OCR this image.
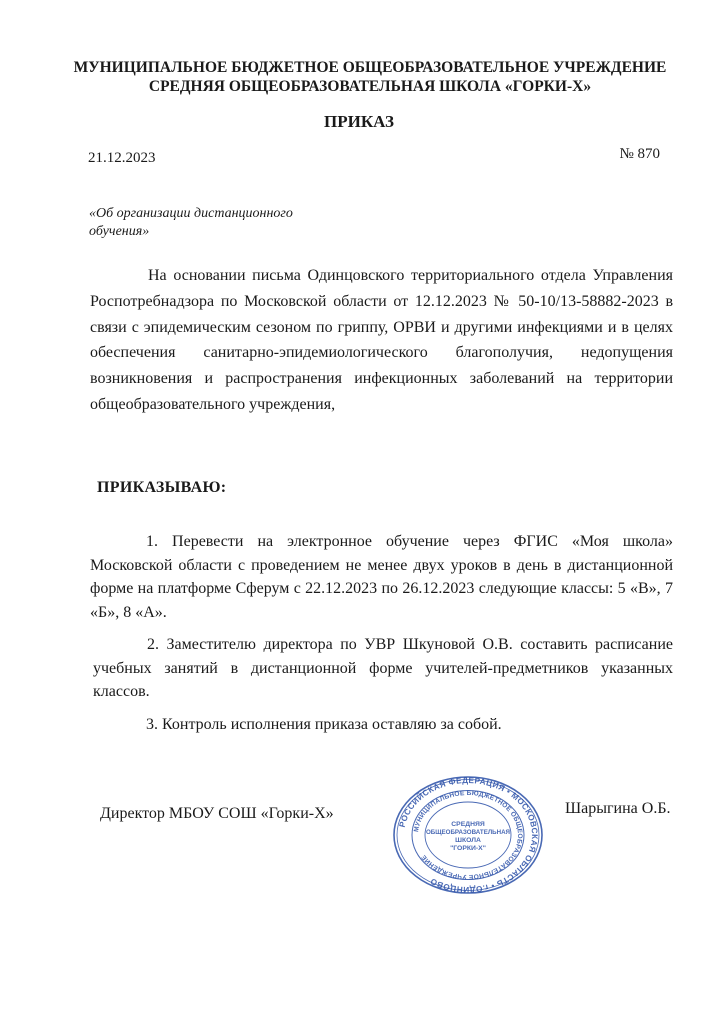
МУНИЦИПАЛЬНОЕ БЮДЖЕТНОЕ ОБЩЕОБРАЗОВАТЕЛЬНОЕ УЧРЕЖДЕНИЕ
СРЕДНЯЯ ОБЩЕОБРАЗОВАТЕЛЬНАЯ ШКОЛА «ГОРКИ-Х»
ПРИКАЗ
21.12.2023	№ 870
«Об организации дистанционного
обучения»
На основании письма Одинцовского территориального отдела Управления Роспотребнадзора по Московской области от 12.12.2023 № 50-10/13-58882-2023 в связи с эпидемическим сезоном по гриппу, ОРВИ и другими инфекциями и в целях обеспечения санитарно-эпидемиологического благополучия, недопущения возникновения и распространения инфекционных заболеваний на территории общеобразовательного учреждения,
ПРИКАЗЫВАЮ:
1. Перевести на электронное обучение через ФГИС «Моя школа» Московской области с проведением не менее двух уроков в день в дистанционной форме на платформе Сферум с 22.12.2023 по 26.12.2023 следующие классы: 5 «В», 7 «Б», 8 «А».
2. Заместителю директора по УВР Шкуновой О.В. составить расписание учебных занятий в дистанционной форме учителей-предметников указанных классов.
3. Контроль исполнения приказа оставляю за собой.
Директор МБОУ СОШ «Горки-Х»	Шарыгина О.Б.
РОССИЙСКАЯ ФЕДЕРАЦИЯ • МОСКОВСКАЯ ОБЛАСТЬ • г.ОДИНЦОВО
МУНИЦИПАЛЬНОЕ БЮДЖЕТНОЕ ОБЩЕОБРАЗОВАТЕЛЬНОЕ УЧРЕЖДЕНИЕ
СРЕДНЯЯ
ОБЩЕОБРАЗОВАТЕЛЬНАЯ
ШКОЛА
"ГОРКИ-Х"
